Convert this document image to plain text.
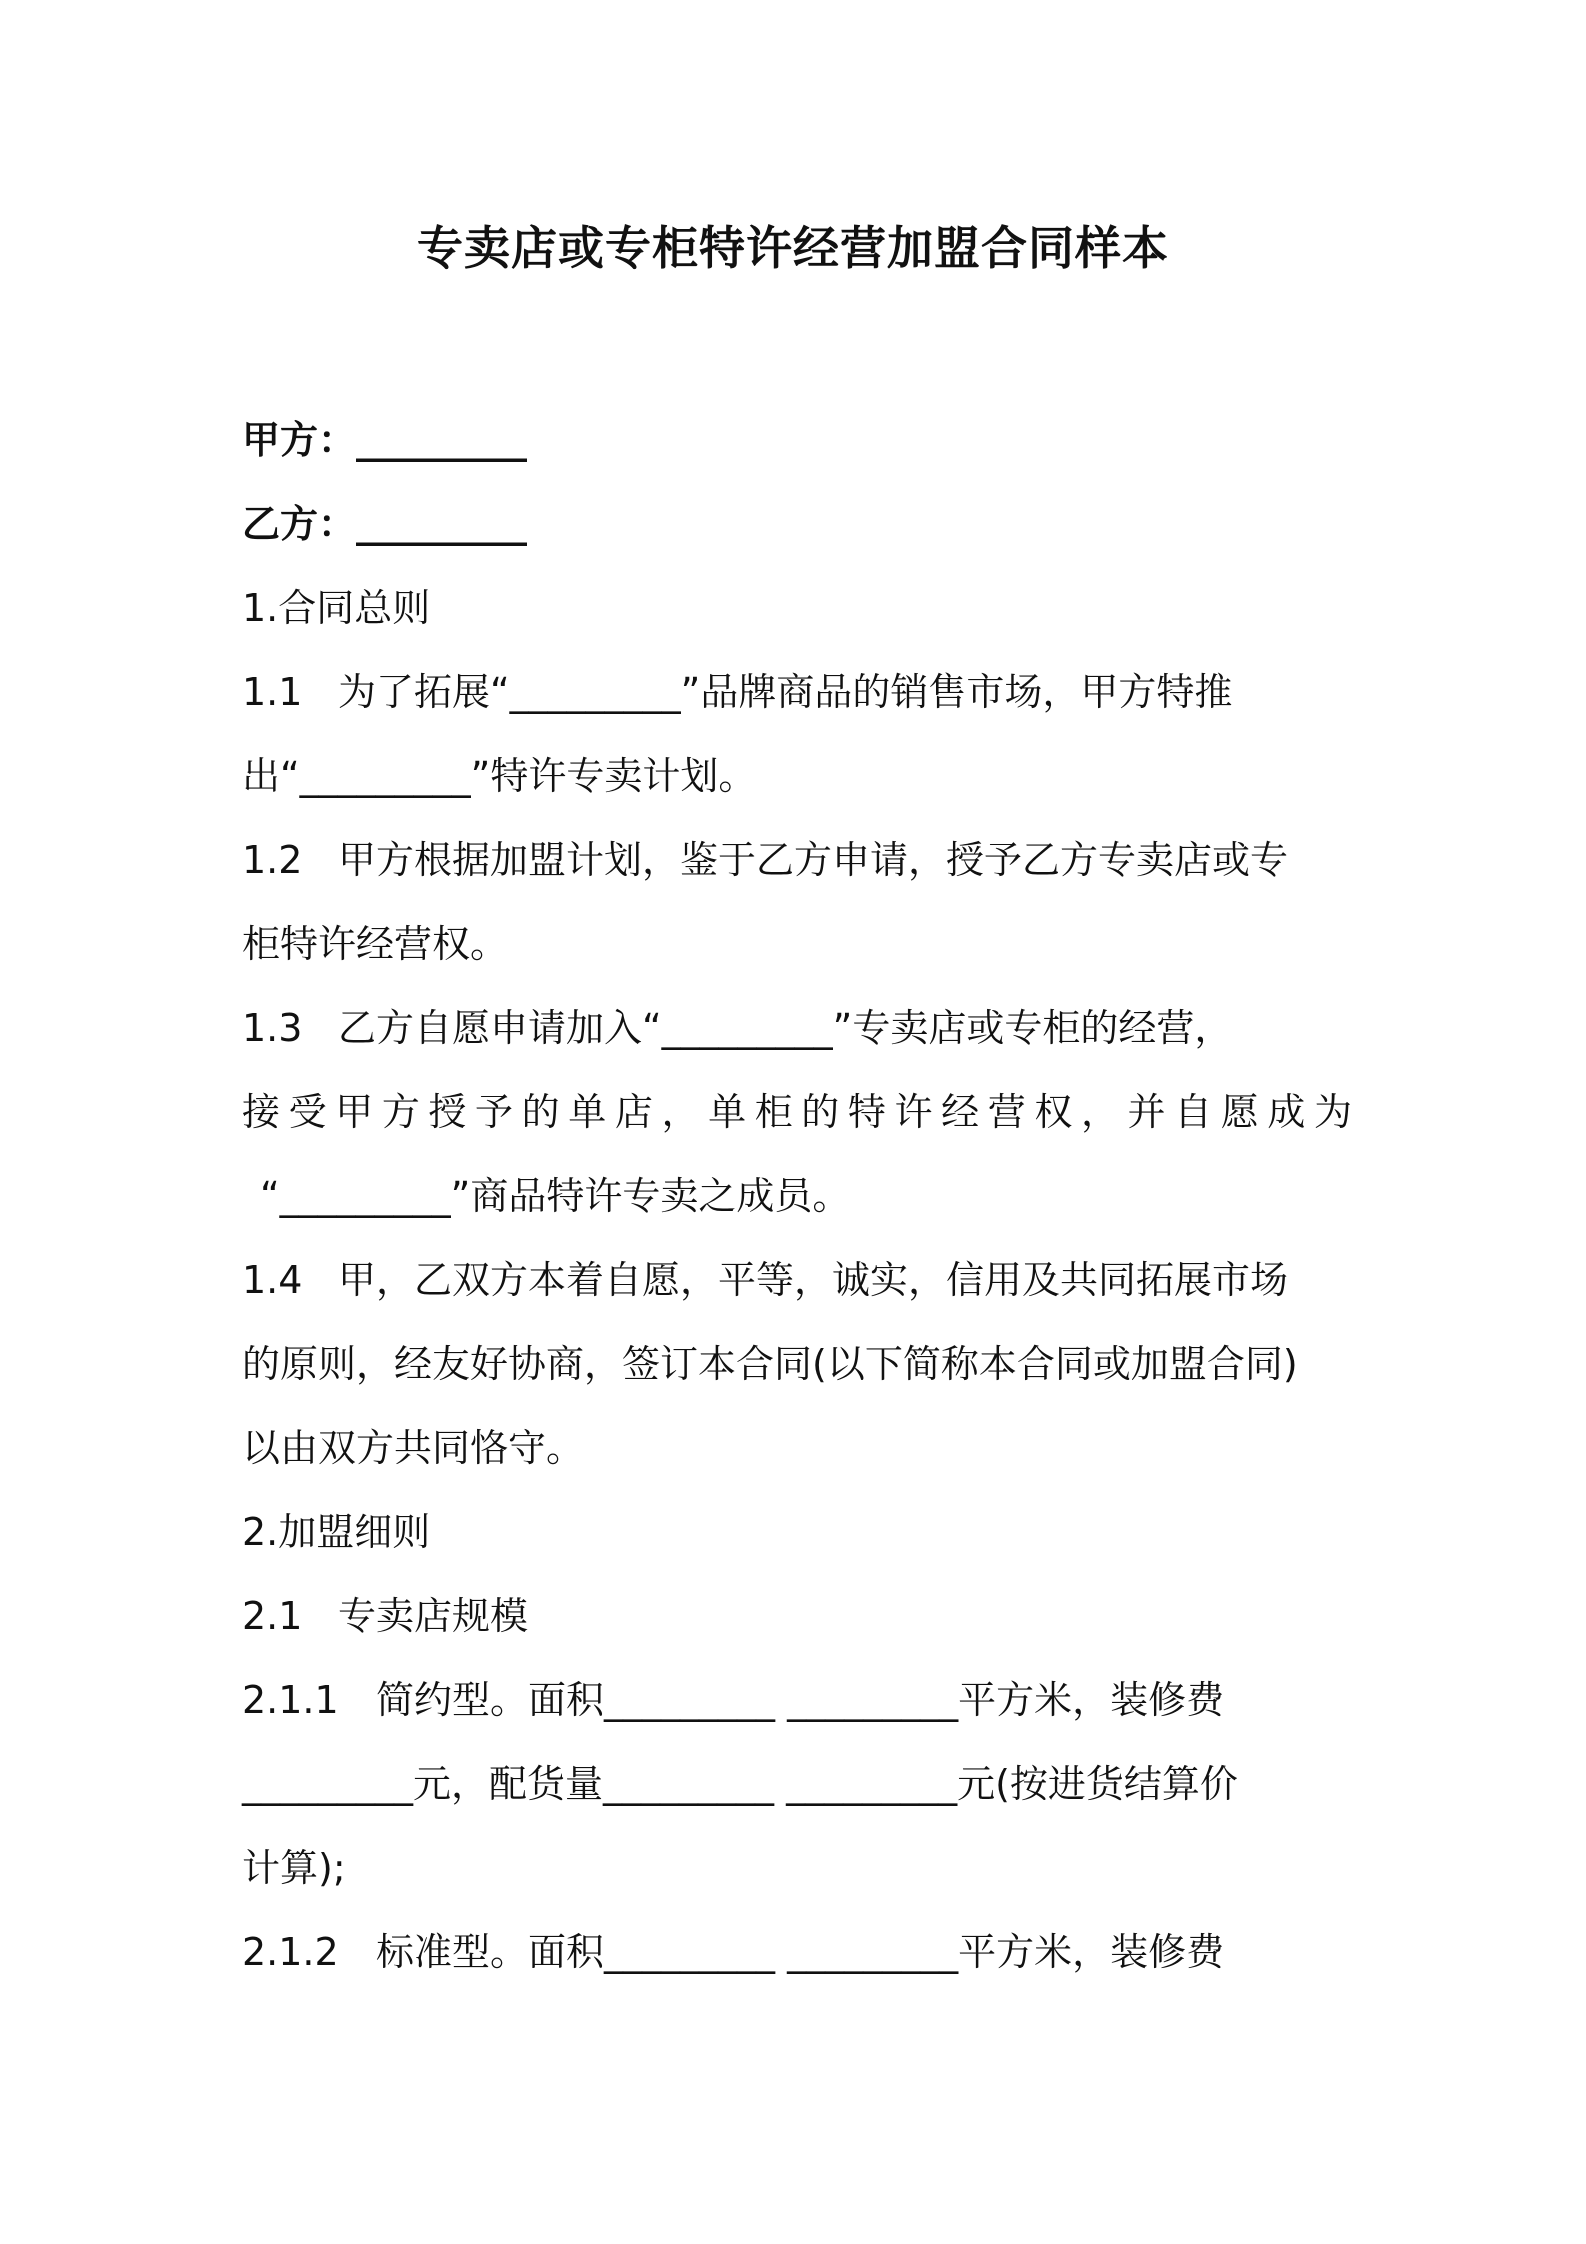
专卖店或专柜特许经营加盟合同样本

甲方：_________

乙方：_________

1.合同总则

1.1 为了拓展“_________”品牌商品的销售市场，甲方特推

出“_________”特许专卖计划。

1.2 甲方根据加盟计划，鉴于乙方申请，授予乙方专卖店或专

柜特许经营权。

1.3 乙方自愿申请加入“_________”专卖店或专柜的经营，

接受甲方授予的单店，单柜的特许经营权，并自愿成为

“_________”商品特许专卖之成员。

1.4 甲，乙双方本着自愿，平等，诚实，信用及共同拓展市场

的原则，经友好协商，签订本合同(以下简称本合同或加盟合同)

以由双方共同恪守。

2.加盟细则

2.1 专卖店规模

2.1.1 简约型。面积_________ _________平方米，装修费

_________元，配货量_________ _________元(按进货结算价

计算);

2.1.2 标准型。面积_________ _________平方米，装修费
